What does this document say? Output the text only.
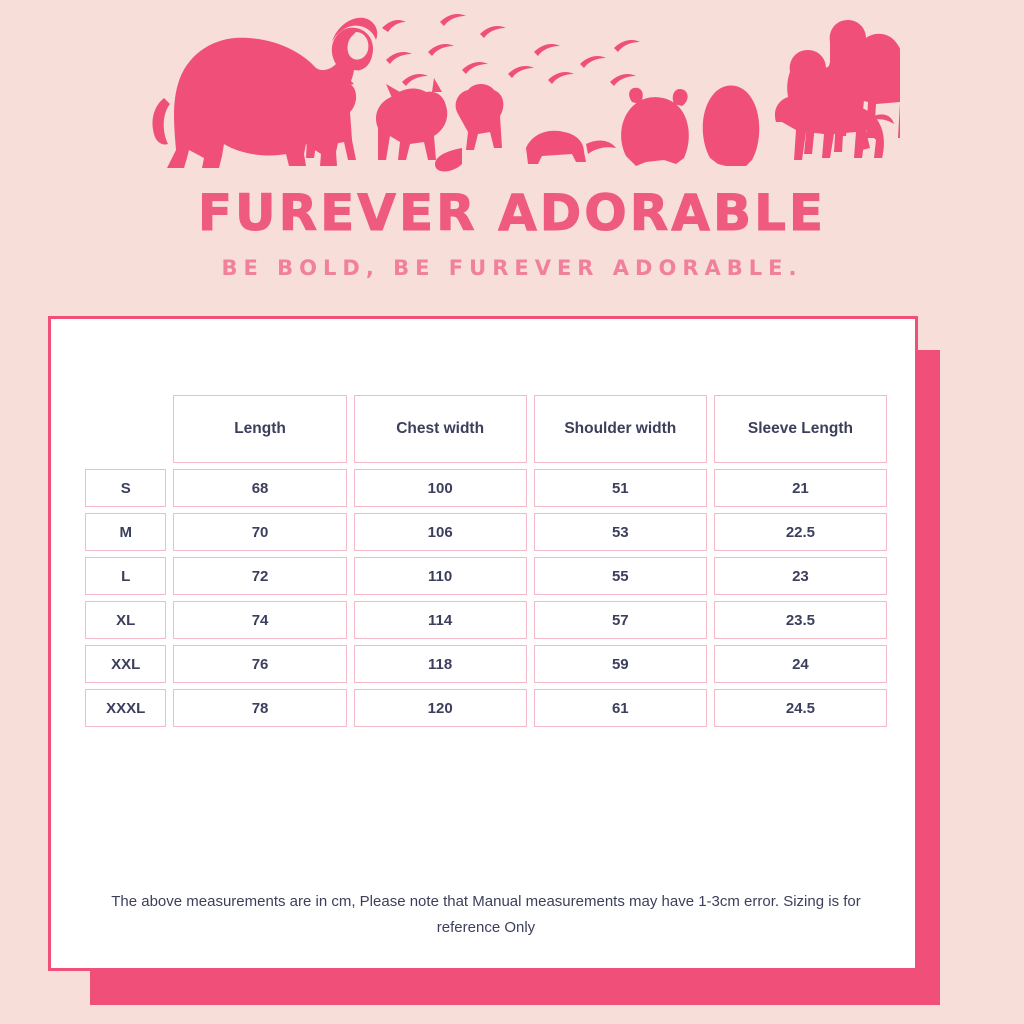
FUREVER ADORABLE
BE BOLD, BE FUREVER ADORABLE.
	Length	Chest width	Shoulder width	Sleeve Length
S	68	100	51	21
M	70	106	53	22.5
L	72	110	55	23
XL	74	114	57	23.5
XXL	76	118	59	24
XXXL	78	120	61	24.5
The above measurements are in cm, Please note that Manual measurements may have 1-3cm error. Sizing is for reference Only
